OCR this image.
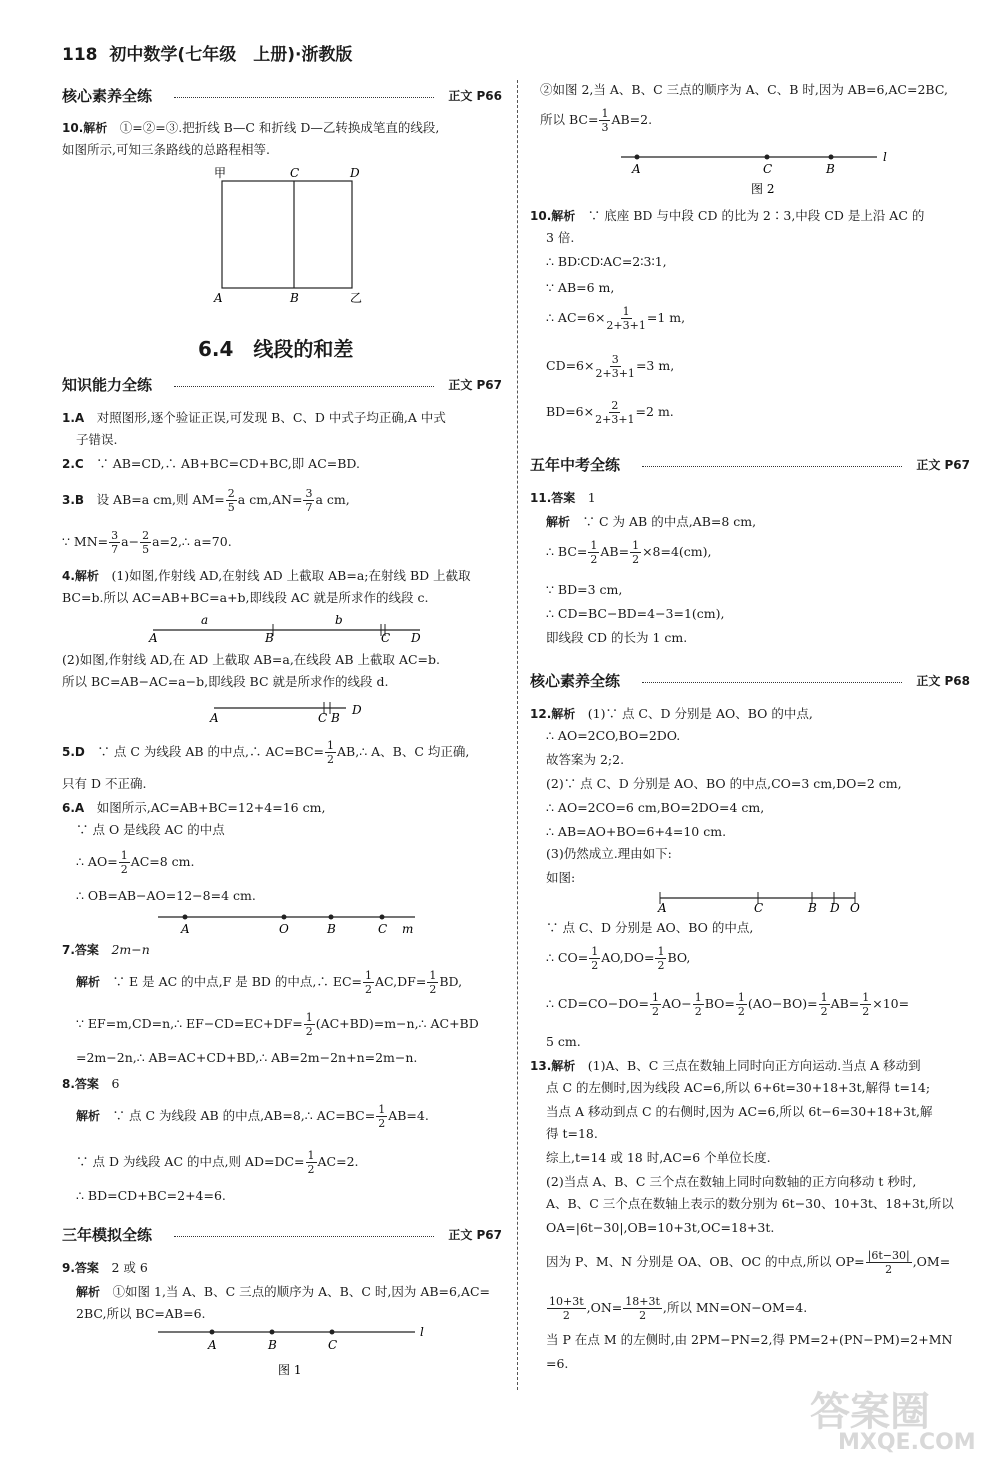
118 初中数学(七年级　上册)·浙教版
核心素养全练	正文 P66
10.解析　 ①=②=③.把折线 B—C 和折线 D—乙转换成笔直的线段,
如图所示,可知三条路线的总路程相等.
甲	C	D
A	B	乙
6.4　线段的和差
知识能力全练	正文 P67
1.A　 对照图形,逐个验证正误,可发现 B、C、D 中式子均正确,A 中式
子错误.
2.C　 ∵ AB=CD,∴ AB+BC=CD+BC,即 AC=BD.
3.B　 设 AB=a cm,则 $AM= \frac{2}{5}$ a $cm,AN= \frac{3}{7}$ a cm,
∵ $MN= \frac{3}{7} a- \frac{2}{5}$ a=2,∴ a=70.
4.解析　 (1)如图,作射线 AD,在射线 AD 上截取 AB=a;在射线 BD 上截取
BC=b.所以 AC=AB+BC=a+b,即线段 AC 就是所求作的线段 c.
A
a
B
b
C D
(2)如图,作射线 AD,在 AD 上截取 AB=a,在线段 AB 上截取 AC=b.
所以 BC=AB−AC=a−b,即线段 BC 就是所求作的线段 d.
A	C B
D
5.D　 ∵ 点 C 为线段 AB 的中点,∴ $AC=BC= \frac{1}{2}$ AB,∴ A、B、C 均正确,
只有 D 不正确.
6.A　 如图所示,AC=AB+BC=12+4=16 cm,
∵ 点 O 是线段 AC 的中点
∴ $AO= \frac{1}{2} AC=8$ cm.
∴ OB=AB−AO=12−8=4 cm.
A	O	B	C m
7.答案　 2m−n
解析　 ∵ E 是 AC 的中点,F 是 BD 的中点,∴ $EC= \frac{1}{2} AC,DF= \frac{1}{2}$ BD,
∵ EF=m,CD=n,∴ $EF-CD=EC+DF= \frac{1}{2}$ (AC+BD)=m−n,∴ AC+BD
=2m−2n,∴ AB=AC+CD+BD,∴ AB=2m−2n+n=2m−n.
8.答案　 6
解析　 ∵ 点 C 为线段 AB 的中点,AB=8,∴ $AC=BC= \frac{1}{2} AB=4$.
∵ 点 D 为线段 AC 的中点,则 $AD=DC= \frac{1}{2} AC=2$.
∴ BD=CD+BC=2+4=6.
三年模拟全练	正文 P67
9.答案　 2 或 6
解析　 ①如图 1,当 A、B、C 三点的顺序为 A、B、C 时,因为 AB=6,AC=
2BC,所以 BC=AB=6.
A	B	C
l
图 1
②如图 2,当 A、B、C 三点的顺序为 A、C、B 时,因为 AB=6,AC=2BC,
所以 $BC= \frac{1}{3} AB=2$.
A	C	B
l
图 2
10.解析　 ∵ 底座 BD 与中段 CD 的比为 2∶3,中段 CD 是上沿 AC 的
3 倍.
∴ BD∶CD∶AC=2∶3∶1,
∵ AB=6 m,
∴ $AC=6\times \frac{1}{2+3+1} =1$ m,
$CD=6\times \frac{3}{2+3+1} =3$ m,
$BD=6\times \frac{2}{2+3+1} =2$ m.
五年中考全练	正文 P67
11.答案　 1
解析　 ∵ C 为 AB 的中点,AB=8 cm,
∴ $BC= \frac{1}{2} AB= \frac{1}{2} \times 8=4(cm)$,
∵ BD=3 cm,
∴ CD=BC−BD=4−3=1(cm),
即线段 CD 的长为 1 cm.
核心素养全练	正文 P68
12.解析　 (1)∵ 点 C、D 分别是 AO、BO 的中点,
∴ AO=2CO,BO=2DO.
故答案为 2;2.
(2)∵ 点 C、D 分别是 AO、BO 的中点,CO=3 cm,DO=2 cm,
∴ AO=2CO=6 cm,BO=2DO=4 cm,
∴ AB=AO+BO=6+4=10 cm.
(3)仍然成立.理由如下:
如图:
A	C	B D O
∵ 点 C、D 分别是 AO、BO 的中点,
∴ $CO= \frac{1}{2} AO,DO= \frac{1}{2}$ BO,
∴ $CD=CO-DO= \frac{1}{2} AO- \frac{1}{2} BO= \frac{1}{2} (AO-BO)= \frac{1}{2} AB= \frac{1}{2} \times 10=$
5 cm.
13.解析　 (1)A、B、C 三点在数轴上同时向正方向运动.当点 A 移动到
点 C 的左侧时,因为线段 AC=6,所以 6+6t=30+18+3t,解得 t=14;
当点 A 移动到点 C 的右侧时,因为 AC=6,所以 6t−6=30+18+3t,解
得 t=18.
综上,t=14 或 18 时,AC=6 个单位长度.
(2)当点 A、B、C 三个点在数轴上同时向数轴的正方向移动 t 秒时,
A、B、C 三个点在数轴上表示的数分别为 6t−30、10+3t、18+3t,所以
OA=|6t−30|,OB=10+3t,OC=18+3t.
因为 P、M、N 分别是 OA、OB、OC 的中点,所以 $OP= \frac{|6t-30|}{2} ,OM=$
$\frac{10+3t}{2} ,ON= \frac{18+3t}{2}$ ,所以 MN=ON−OM=4.
当 P 在点 M 的左侧时,由 2PM−PN=2,得 PM=2+(PN−PM)=2+MN
=6.
答案圈
MXQE.COM
